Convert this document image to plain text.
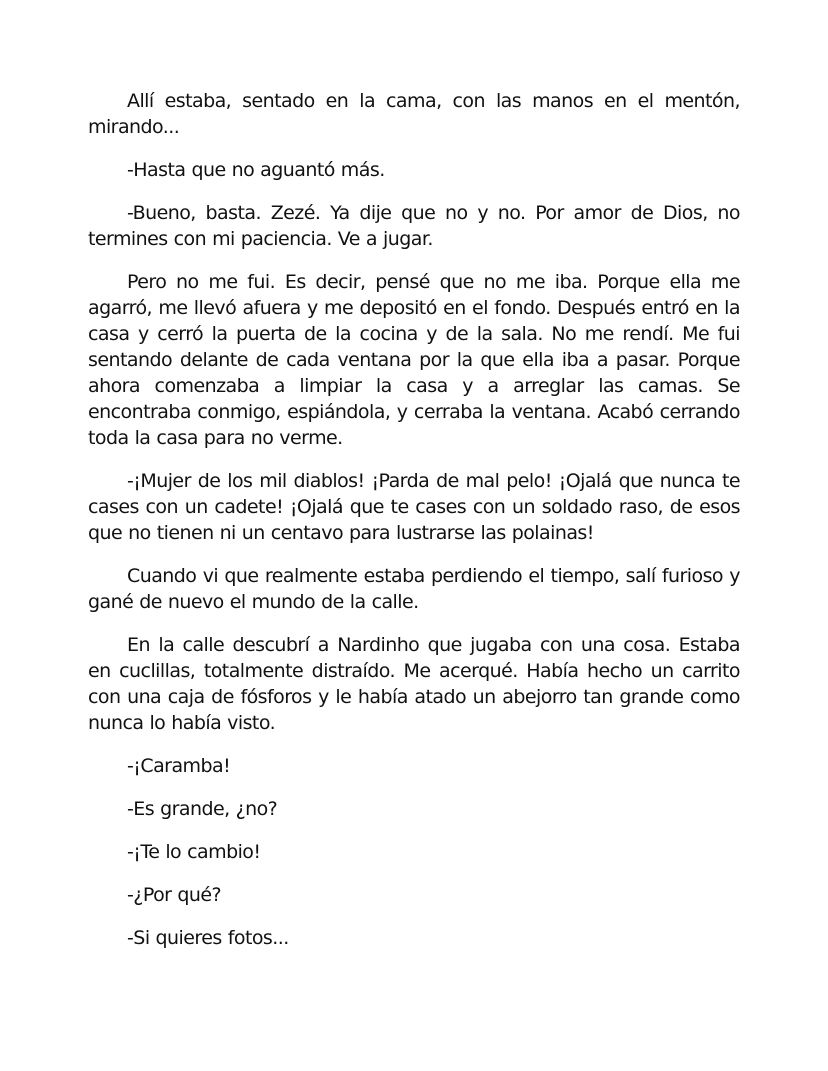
Allí estaba, sentado en la cama, con las manos en el mentón, mirando...

-Hasta que no aguantó más.

-Bueno, basta. Zezé. Ya dije que no y no. Por amor de Dios, no termines con mi paciencia. Ve a jugar.

Pero no me fui. Es decir, pensé que no me iba. Porque ella me agarró, me llevó afuera y me depositó en el fondo. Después entró en la casa y cerró la puerta de la cocina y de la sala. No me rendí. Me fui sentando delante de cada ventana por la que ella iba a pasar. Porque ahora comenzaba a limpiar la casa y a arreglar las camas. Se encontraba conmigo, espiándola, y cerraba la ventana. Acabó cerrando toda la casa para no verme.

-¡Mujer de los mil diablos! ¡Parda de mal pelo! ¡Ojalá que nunca te cases con un cadete! ¡Ojalá que te cases con un soldado raso, de esos que no tienen ni un centavo para lustrarse las polainas!

Cuando vi que realmente estaba perdiendo el tiempo, salí furioso y gané de nuevo el mundo de la calle.

En la calle descubrí a Nardinho que jugaba con una cosa. Estaba en cuclillas, totalmente distraído. Me acerqué. Había hecho un carrito con una caja de fósforos y le había atado un abejorro tan grande como nunca lo había visto.

-¡Caramba!

-Es grande, ¿no?

-¡Te lo cambio!

-¿Por qué?

-Si quieres fotos...
